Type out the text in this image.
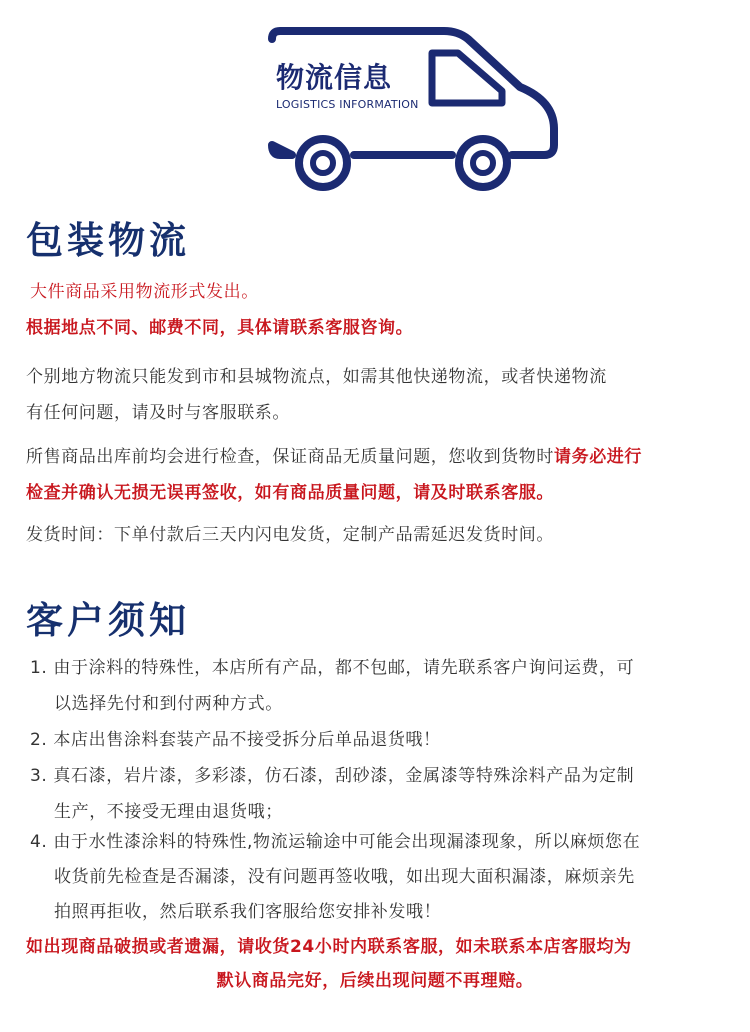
物流信息
LOGISTICS INFORMATION
包装物流
大件商品采用物流形式发出。
根据地点不同、邮费不同，具体请联系客服咨询。
个别地方物流只能发到市和县城物流点，如需其他快递物流，或者快递物流
有任何问题，请及时与客服联系。
所售商品出库前均会进行检查，保证商品无质量问题，您收到货物时请务必进行
检查并确认无损无误再签收，如有商品质量问题，请及时联系客服。
发货时间：下单付款后三天内闪电发货，定制产品需延迟发货时间。
客户须知
1. 由于涂料的特殊性，本店所有产品，都不包邮，请先联系客户询问运费，可
以选择先付和到付两种方式。
2. 本店出售涂料套装产品不接受拆分后单品退货哦！
3. 真石漆，岩片漆，多彩漆，仿石漆，刮砂漆，金属漆等特殊涂料产品为定制
生产，不接受无理由退货哦；
4. 由于水性漆涂料的特殊性,物流运输途中可能会出现漏漆现象，所以麻烦您在
收货前先检查是否漏漆，没有问题再签收哦，如出现大面积漏漆，麻烦亲先
拍照再拒收，然后联系我们客服给您安排补发哦！
如出现商品破损或者遗漏，请收货24小时内联系客服，如未联系本店客服均为
默认商品完好，后续出现问题不再理赔。
